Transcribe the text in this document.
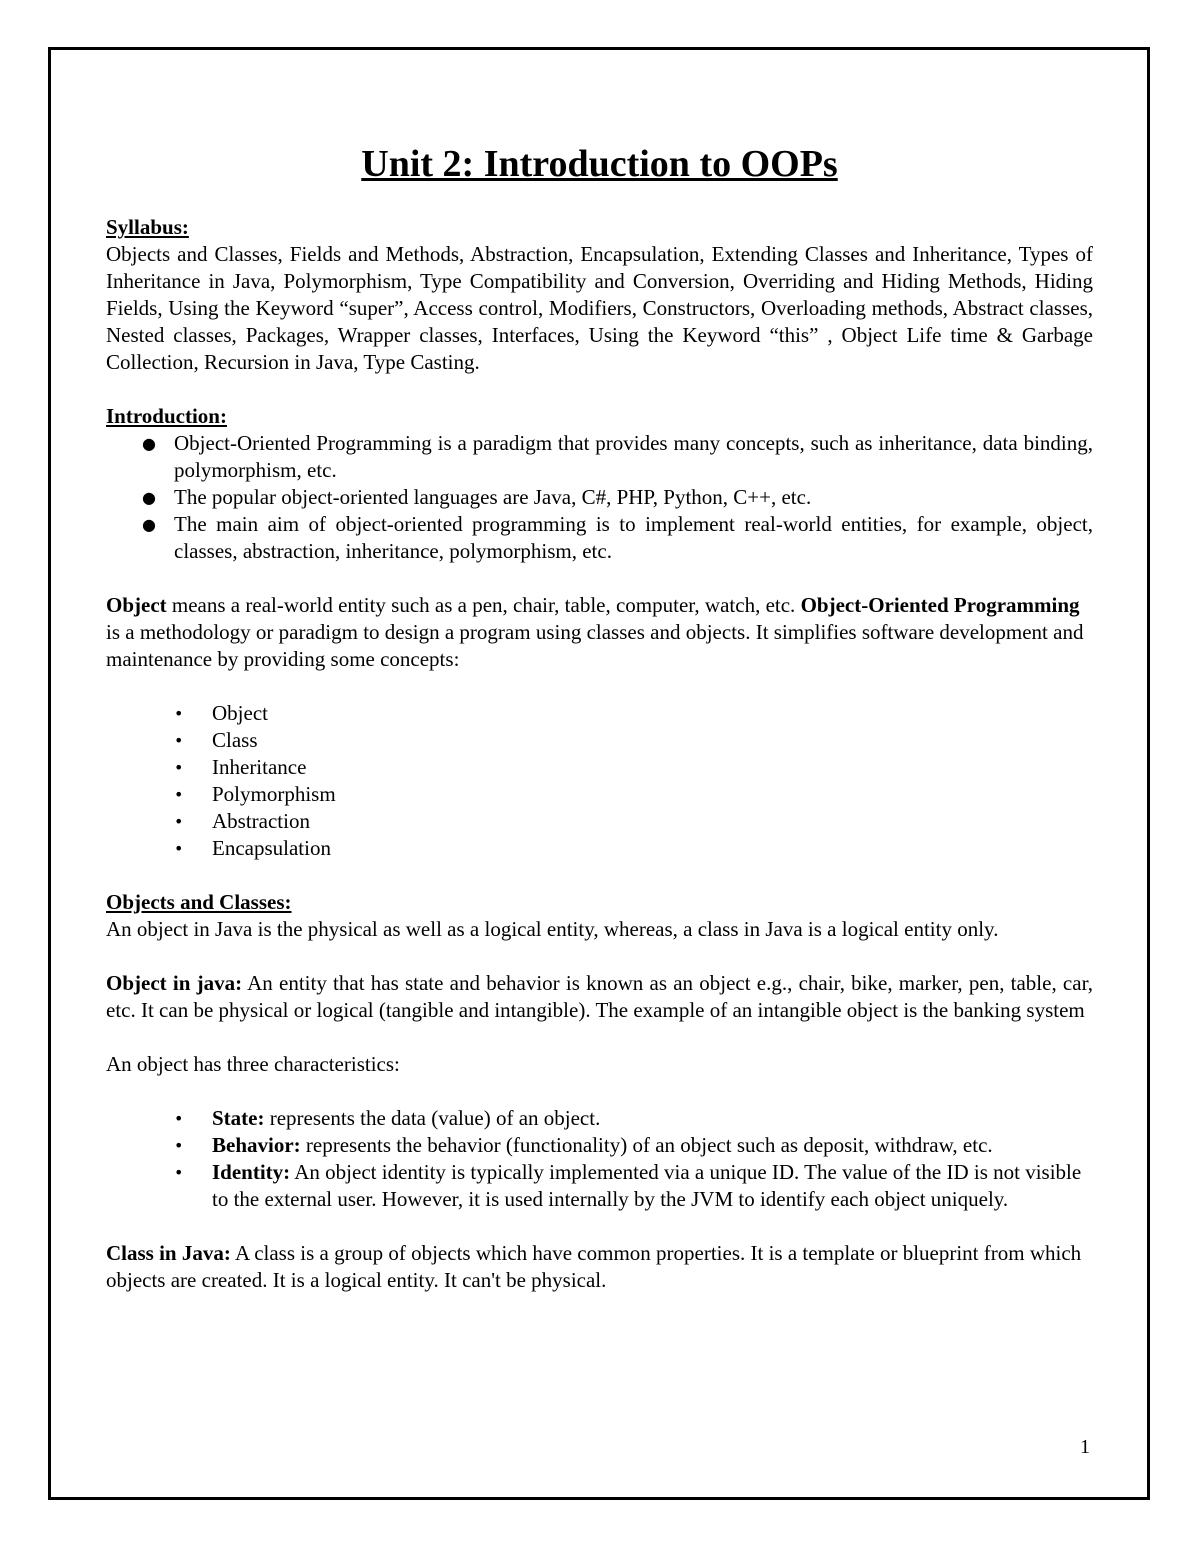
Unit 2: Introduction to OOPs

Syllabus:

Objects and Classes, Fields and Methods, Abstraction, Encapsulation, Extending Classes and Inheritance, Types of Inheritance in Java, Polymorphism, Type Compatibility and Conversion, Overriding and Hiding Methods, Hiding Fields, Using the Keyword “super”, Access control, Modifiers, Constructors, Overloading methods, Abstract classes, Nested classes, Packages, Wrapper classes, Interfaces, Using the Keyword “this” , Object Life time & Garbage Collection, Recursion in Java, Type Casting.

Introduction:

● Object-Oriented Programming is a paradigm that provides many concepts, such as inheritance, data binding, polymorphism, etc.
● The popular object-oriented languages are Java, C#, PHP, Python, C++, etc.
● The main aim of object-oriented programming is to implement real-world entities, for example, object, classes, abstraction, inheritance, polymorphism, etc.

Object means a real-world entity such as a pen, chair, table, computer, watch, etc. Object-Oriented Programming is a methodology or paradigm to design a program using classes and objects. It simplifies software development and maintenance by providing some concepts:

• Object
• Class
• Inheritance
• Polymorphism
• Abstraction
• Encapsulation

Objects and Classes:

An object in Java is the physical as well as a logical entity, whereas, a class in Java is a logical entity only.

Object in java: An entity that has state and behavior is known as an object e.g., chair, bike, marker, pen, table, car, etc. It can be physical or logical (tangible and intangible). The example of an intangible object is the banking system

An object has three characteristics:

• State: represents the data (value) of an object.
• Behavior: represents the behavior (functionality) of an object such as deposit, withdraw, etc.
• Identity: An object identity is typically implemented via a unique ID. The value of the ID is not visible to the external user. However, it is used internally by the JVM to identify each object uniquely.

Class in Java: A class is a group of objects which have common properties. It is a template or blueprint from which objects are created. It is a logical entity. It can't be physical.

1
